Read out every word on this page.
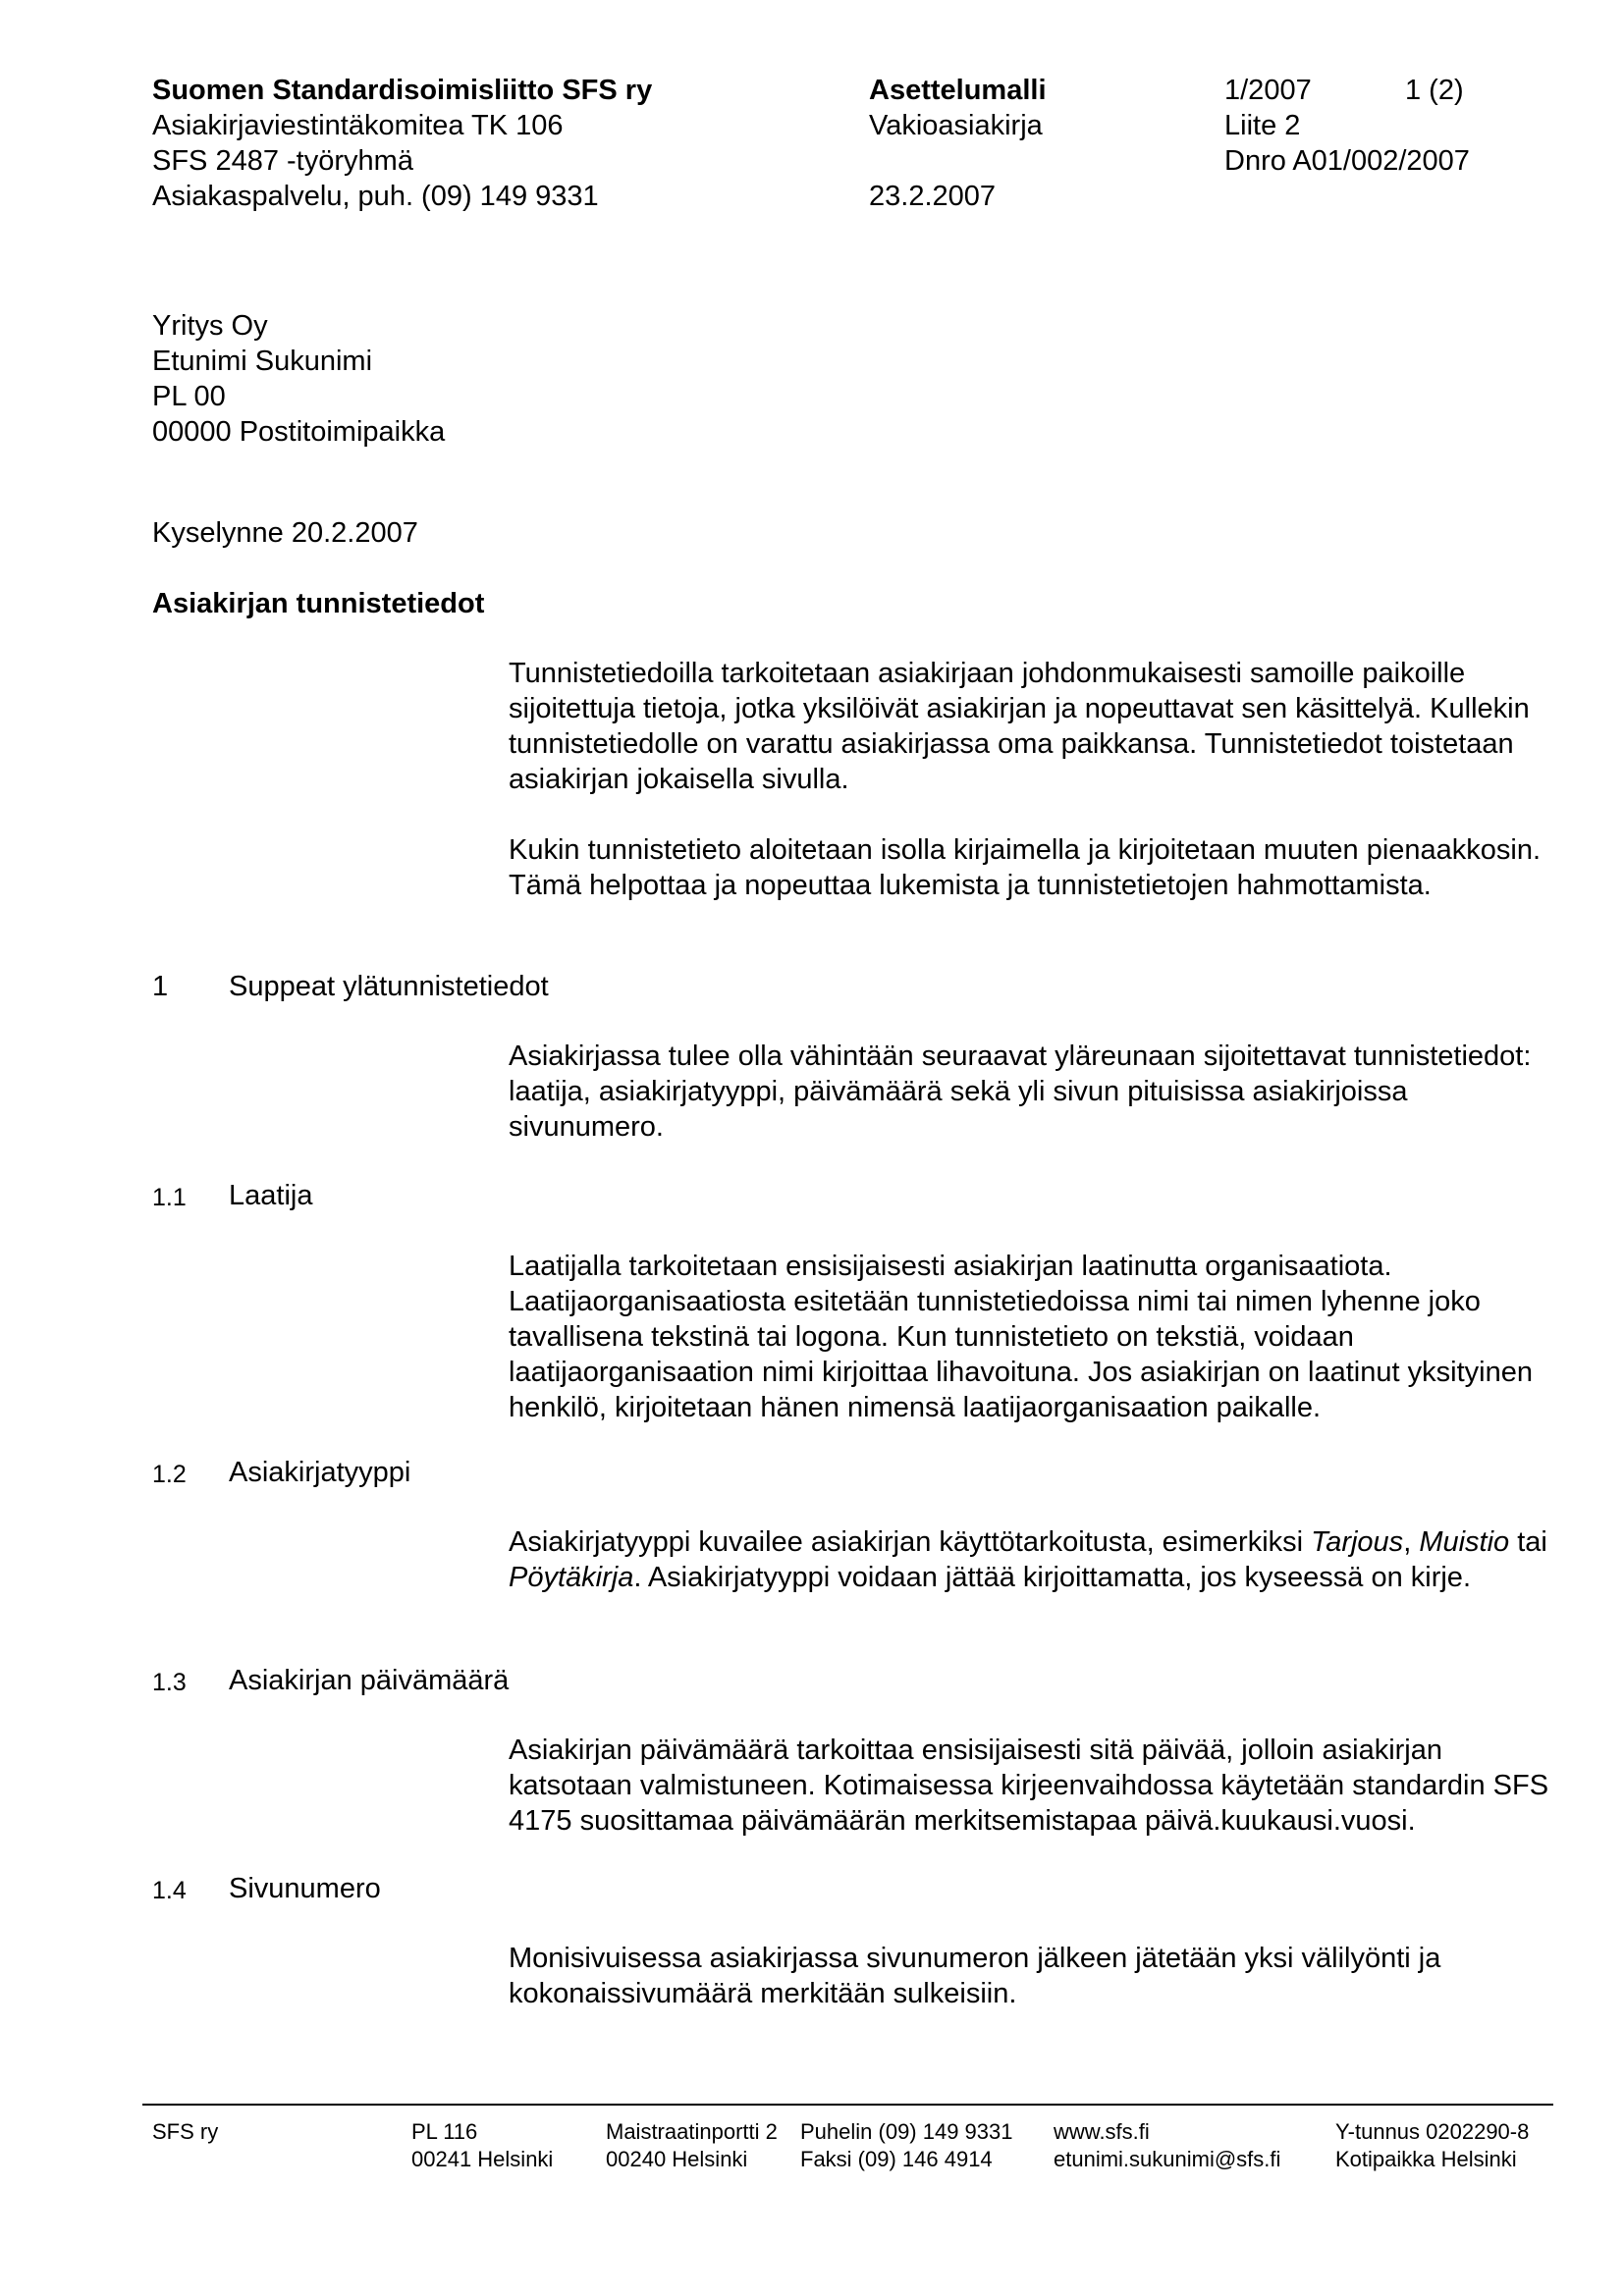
Suomen Standardisoimisliitto SFS ry
Asiakirjaviestintäkomitea TK 106
SFS 2487 -työryhmä
Asiakaspalvelu, puh. (09) 149 9331
Asettelumalli
Vakioasiakirja
23.2.2007
1/2007
Liite 2
Dnro A01/002/2007
1 (2)
Yritys Oy
Etunimi Sukunimi
PL 00
00000 Postitoimipaikka
Kyselynne 20.2.2007
Asiakirjan tunnistetiedot

Tunnistetiedoilla tarkoitetaan asiakirjaan johdonmukaisesti samoille paikoille sijoitettuja tietoja, jotka yksilöivät asiakirjan ja nopeuttavat sen käsittelyä. Kullekin tunnistetiedolle on varattu asiakirjassa oma paikkansa. Tunnistetiedot toistetaan asiakirjan jokaisella sivulla.

Kukin tunnistetieto aloitetaan isolla kirjaimella ja kirjoitetaan muuten pienaakkosin. Tämä helpottaa ja nopeuttaa lukemista ja tunnistetietojen hahmottamista.

1 Suppeat ylätunnistetiedot

Asiakirjassa tulee olla vähintään seuraavat yläreunaan sijoitettavat tunnistetiedot: laatija, asiakirjatyyppi, päivämäärä sekä yli sivun pituisissa asiakirjoissa sivunumero.

1.1 Laatija

Laatijalla tarkoitetaan ensisijaisesti asiakirjan laatinutta organisaatiota. Laatijaorganisaatiosta esitetään tunnistetiedoissa nimi tai nimen lyhenne joko tavallisena tekstinä tai logona. Kun tunnistetieto on tekstiä, voidaan laatijaorganisaation nimi kirjoittaa lihavoituna. Jos asiakirjan on laatinut yksityinen henkilö, kirjoitetaan hänen nimensä laatijaorganisaation paikalle.

1.2 Asiakirjatyyppi

Asiakirjatyyppi kuvailee asiakirjan käyttötarkoitusta, esimerkiksi Tarjous, Muistio tai Pöytäkirja. Asiakirjatyyppi voidaan jättää kirjoittamatta, jos kyseessä on kirje.

1.3 Asiakirjan päivämäärä

Asiakirjan päivämäärä tarkoittaa ensisijaisesti sitä päivää, jolloin asiakirjan katsotaan valmistuneen. Kotimaisessa kirjeenvaihdossa käytetään standardin SFS 4175 suosittamaa päivämäärän merkitsemistapaa päivä.kuukausi.vuosi.

1.4 Sivunumero

Monisivuisessa asiakirjassa sivunumeron jälkeen jätetään yksi välilyönti ja kokonaissivumäärä merkitään sulkeisiin.

SFS ry	PL 116
00241 Helsinki
Maistraatinportti 2
00240 Helsinki
Puhelin (09) 149 9331
Faksi (09) 146 4914
www.sfs.fi
etunimi.sukunimi@sfs.fi
Y-tunnus 0202290-8
Kotipaikka Helsinki
